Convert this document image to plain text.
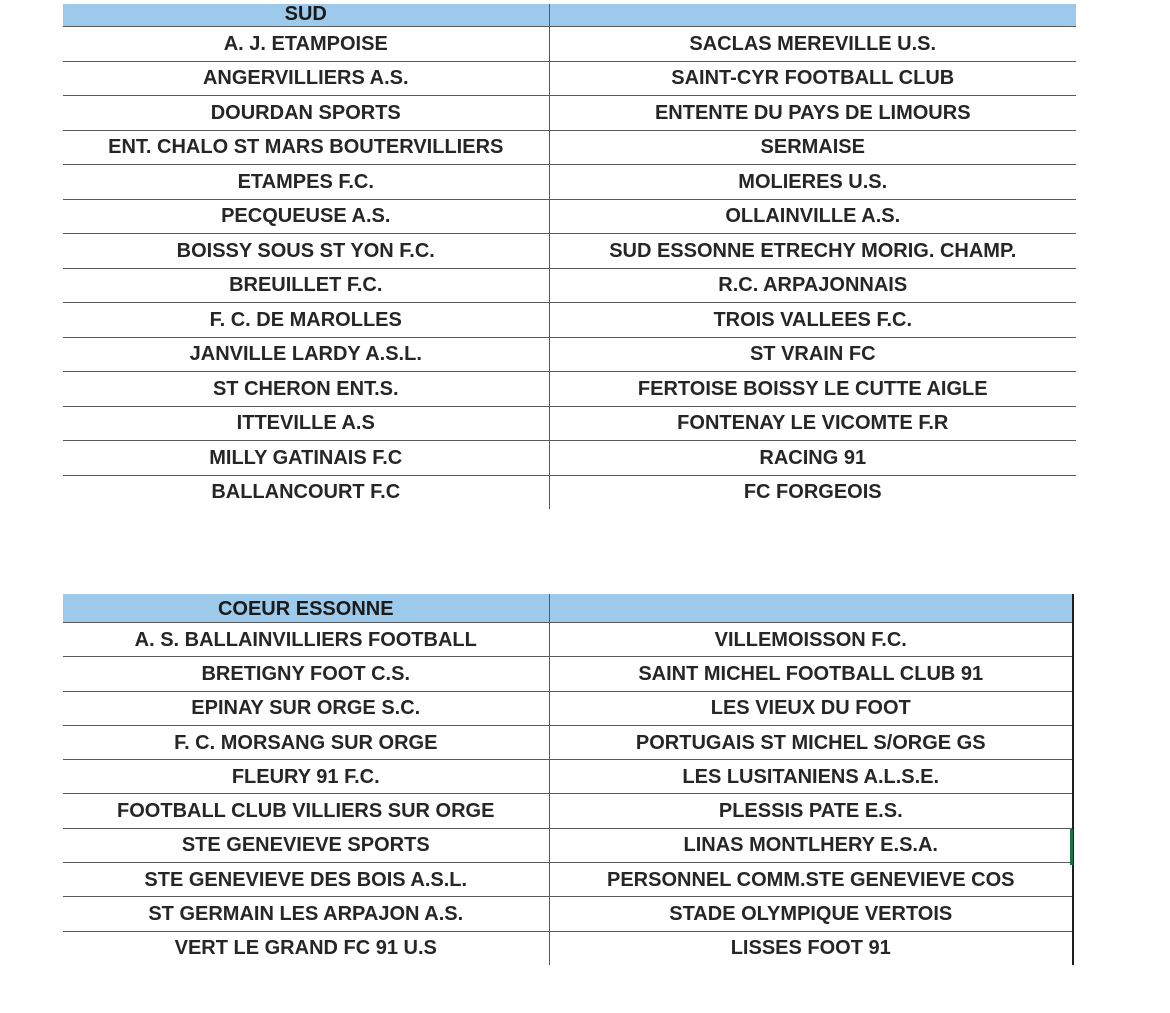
SUD	
A. J. ETAMPOISE	SACLAS MEREVILLE U.S.
ANGERVILLIERS A.S.	SAINT-CYR FOOTBALL CLUB
DOURDAN SPORTS	ENTENTE DU PAYS DE LIMOURS
ENT. CHALO ST MARS BOUTERVILLIERS	SERMAISE
ETAMPES F.C.	MOLIERES U.S.
PECQUEUSE A.S.	OLLAINVILLE A.S.
BOISSY SOUS ST YON F.C.	SUD ESSONNE ETRECHY MORIG. CHAMP.
BREUILLET F.C.	R.C. ARPAJONNAIS
F. C. DE MAROLLES	TROIS VALLEES F.C.
JANVILLE LARDY A.S.L.	ST VRAIN FC
ST CHERON ENT.S.	FERTOISE BOISSY LE CUTTE AIGLE
ITTEVILLE A.S	FONTENAY LE VICOMTE F.R
MILLY GATINAIS F.C	RACING 91
BALLANCOURT F.C	FC FORGEOIS
COEUR ESSONNE	
A. S. BALLAINVILLIERS FOOTBALL	VILLEMOISSON F.C.
BRETIGNY FOOT C.S.	SAINT MICHEL FOOTBALL CLUB 91
EPINAY SUR ORGE S.C.	LES VIEUX DU FOOT
F. C. MORSANG SUR ORGE	PORTUGAIS ST MICHEL S/ORGE GS
FLEURY 91 F.C.	LES LUSITANIENS A.L.S.E.
FOOTBALL CLUB VILLIERS SUR ORGE	PLESSIS PATE E.S.
STE GENEVIEVE SPORTS	LINAS MONTLHERY E.S.A.
STE GENEVIEVE DES BOIS A.S.L.	PERSONNEL COMM.STE GENEVIEVE COS
ST GERMAIN LES ARPAJON A.S.	STADE OLYMPIQUE VERTOIS
VERT LE GRAND FC 91 U.S	LISSES FOOT 91
